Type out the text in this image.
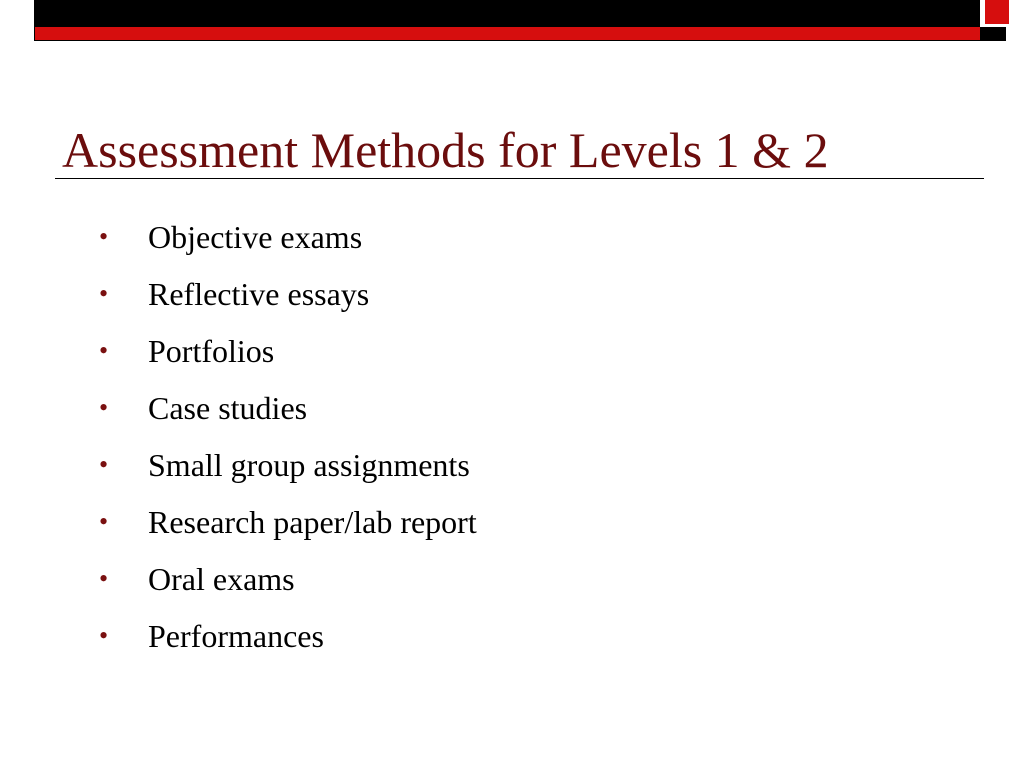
Assessment Methods for Levels 1 & 2
• Objective exams
• Reflective essays
• Portfolios
• Case studies
• Small group assignments
• Research paper/lab report
• Oral exams
• Performances
